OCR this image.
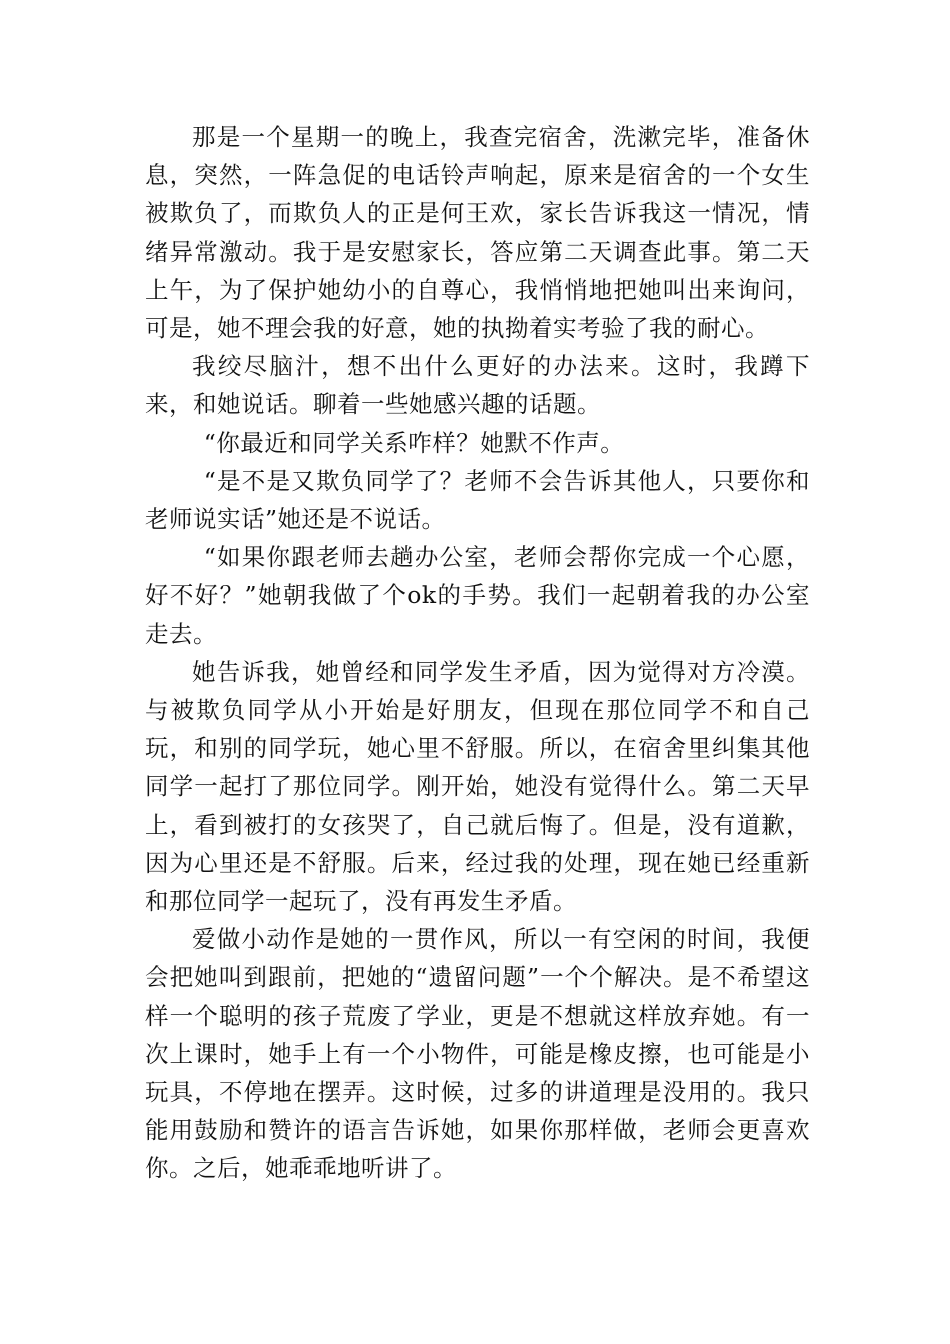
那是一个星期一的晚上，我查完宿舍，洗漱完毕，准备休息，突然，一阵急促的电话铃声响起，原来是宿舍的一个女生被欺负了，而欺负人的正是何王欢，家长告诉我这一情况，情绪异常激动。我于是安慰家长，答应第二天调查此事。第二天上午，为了保护她幼小的自尊心，我悄悄地把她叫出来询问，可是，她不理会我的好意，她的执拗着实考验了我的耐心。

我绞尽脑汁，想不出什么更好的办法来。这时，我蹲下来，和她说话。聊着一些她感兴趣的话题。

“你最近和同学关系咋样？她默不作声。

“是不是又欺负同学了？老师不会告诉其他人，只要你和老师说实话”她还是不说话。

“如果你跟老师去趟办公室，老师会帮你完成一个心愿，好不好？”她朝我做了个ok的手势。我们一起朝着我的办公室走去。

她告诉我，她曾经和同学发生矛盾，因为觉得对方冷漠。与被欺负同学从小开始是好朋友，但现在那位同学不和自己玩，和别的同学玩，她心里不舒服。所以，在宿舍里纠集其他同学一起打了那位同学。刚开始，她没有觉得什么。第二天早上，看到被打的女孩哭了，自己就后悔了。但是，没有道歉，因为心里还是不舒服。后来，经过我的处理，现在她已经重新和那位同学一起玩了，没有再发生矛盾。

爱做小动作是她的一贯作风，所以一有空闲的时间，我便会把她叫到跟前，把她的“遗留问题”一个个解决。是不希望这样一个聪明的孩子荒废了学业，更是不想就这样放弃她。有一次上课时，她手上有一个小物件，可能是橡皮擦，也可能是小玩具，不停地在摆弄。这时候，过多的讲道理是没用的。我只能用鼓励和赞许的语言告诉她，如果你那样做，老师会更喜欢你。之后，她乖乖地听讲了。
